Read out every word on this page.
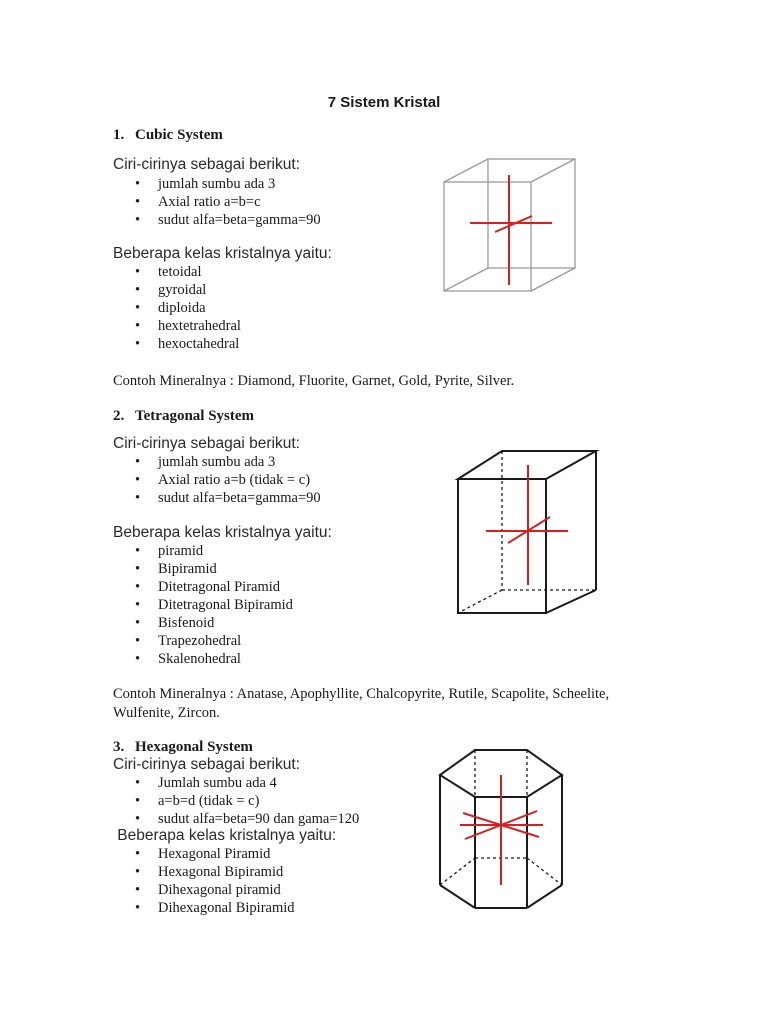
7 Sistem Kristal
1. Cubic System
Ciri-cirinya sebagai berikut:
• jumlah sumbu ada 3
• Axial ratio a=b=c
• sudut alfa=beta=gamma=90
Beberapa kelas kristalnya yaitu:
• tetoidal
• gyroidal
• diploida
• hextetrahedral
• hexoctahedral
Contoh Mineralnya : Diamond, Fluorite, Garnet, Gold, Pyrite, Silver.
2. Tetragonal System
Ciri-cirinya sebagai berikut:
• jumlah sumbu ada 3
• Axial ratio a=b (tidak = c)
• sudut alfa=beta=gamma=90
Beberapa kelas kristalnya yaitu:
• piramid
• Bipiramid
• Ditetragonal Piramid
• Ditetragonal Bipiramid
• Bisfenoid
• Trapezohedral
• Skalenohedral
Contoh Mineralnya : Anatase, Apophyllite, Chalcopyrite, Rutile, Scapolite, Scheelite,
Wulfenite, Zircon.
3. Hexagonal System
Ciri-cirinya sebagai berikut:
• Jumlah sumbu ada 4
• a=b=d (tidak = c)
• sudut alfa=beta=90 dan gama=120
Beberapa kelas kristalnya yaitu:
• Hexagonal Piramid
• Hexagonal Bipiramid
• Dihexagonal piramid
• Dihexagonal Bipiramid
